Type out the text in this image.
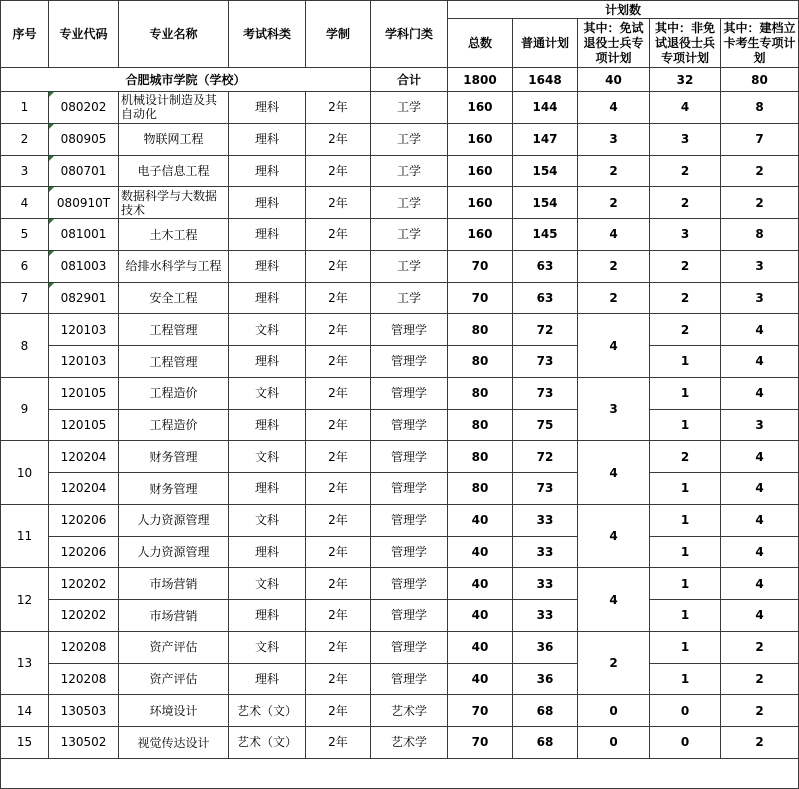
序号	专业代码	专业名称	考试科类	学制	学科门类	计划数				
						总数	普通计划	其中：免试退役士兵专项计划	其中：非免试退役士兵专项计划	其中：建档立卡考生专项计划
合肥城市学院（学校）					合计	1800	1648	40	32	80
1	080202	机械设计制造及其自动化	理科	2年	工学	160	144	4	4	8
2	080905	物联网工程	理科	2年	工学	160	147	3	3	7
3	080701	电子信息工程	理科	2年	工学	160	154	2	2	2
4	080910T	数据科学与大数据技术	理科	2年	工学	160	154	2	2	2
5	081001	土木工程	理科	2年	工学	160	145	4	3	8
6	081003	给排水科学与工程	理科	2年	工学	70	63	2	2	3
7	082901	安全工程	理科	2年	工学	70	63	2	2	3
8	120103	工程管理	文科	2年	管理学	80	72	4	2	4
	120103	工程管理	理科	2年	管理学	80	73		1	4
9	120105	工程造价	文科	2年	管理学	80	73	3	1	4
	120105	工程造价	理科	2年	管理学	80	75		1	3
10	120204	财务管理	文科	2年	管理学	80	72	4	2	4
	120204	财务管理	理科	2年	管理学	80	73		1	4
11	120206	人力资源管理	文科	2年	管理学	40	33	4	1	4
	120206	人力资源管理	理科	2年	管理学	40	33		1	4
12	120202	市场营销	文科	2年	管理学	40	33	4	1	4
	120202	市场营销	理科	2年	管理学	40	33		1	4
13	120208	资产评估	文科	2年	管理学	40	36	2	1	2
	120208	资产评估	理科	2年	管理学	40	36		1	2
14	130503	环境设计	艺术（文）	2年	艺术学	70	68	0	0	2
15	130502	视觉传达设计	艺术（文）	2年	艺术学	70	68	0	0	2
